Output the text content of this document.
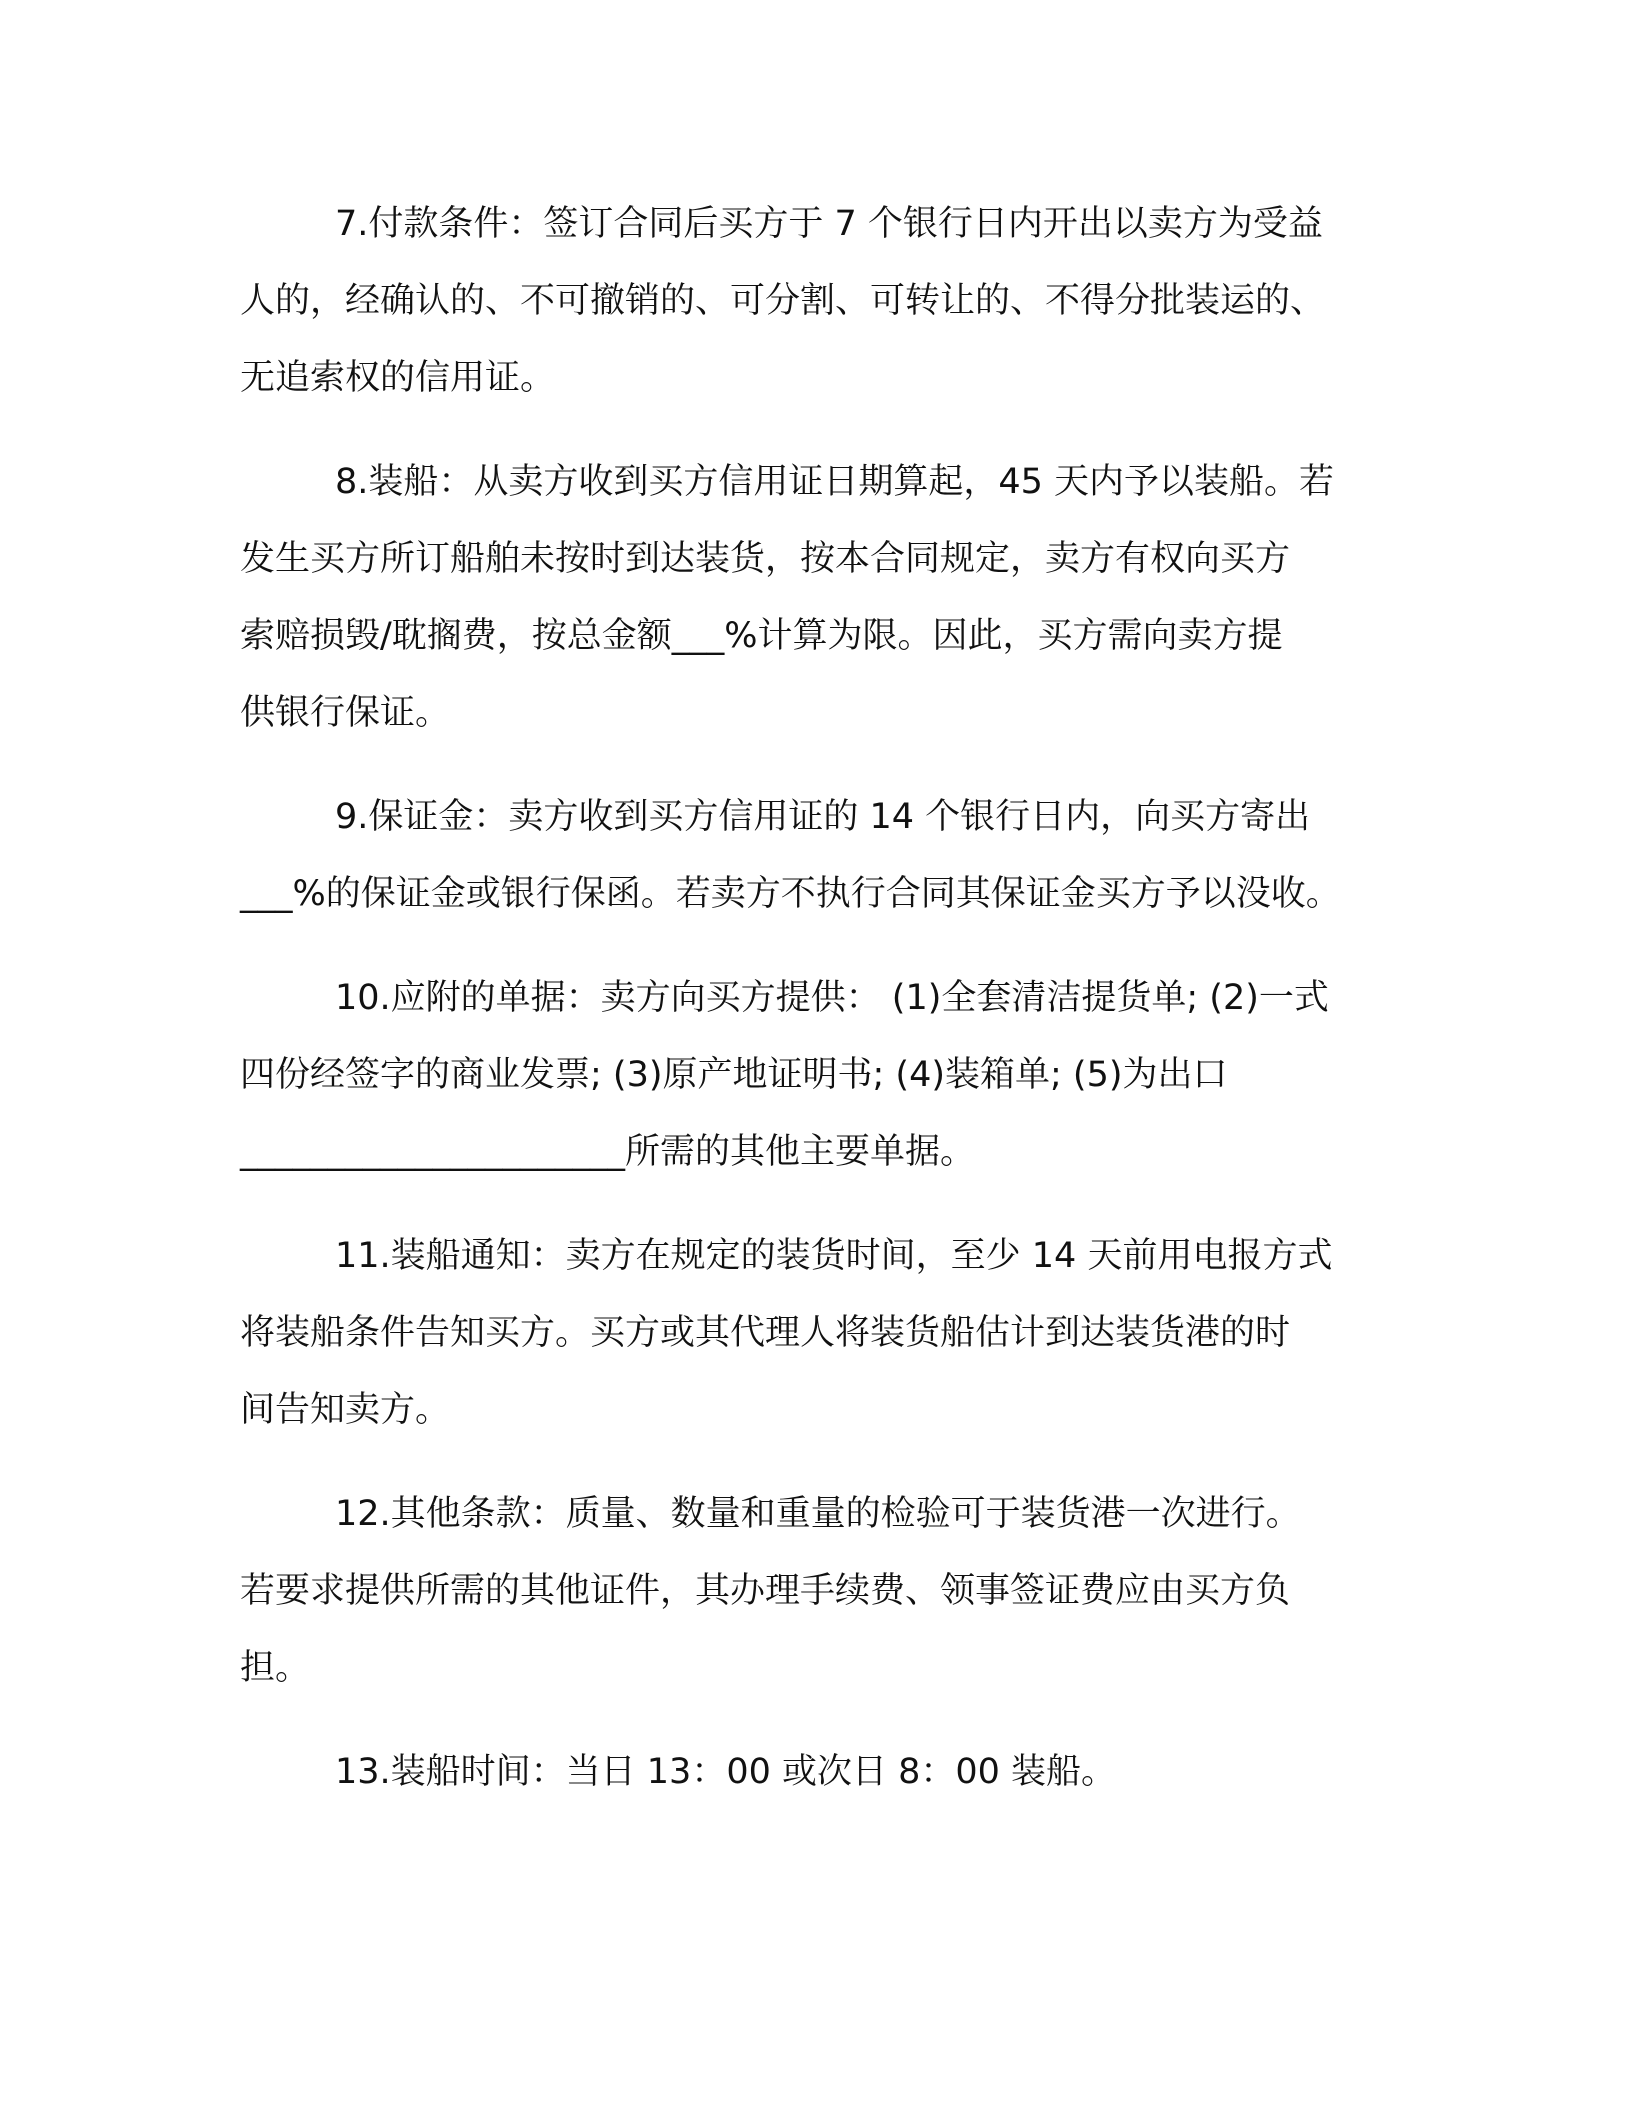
7.付款条件：签订合同后买方于 7 个银行日内开出以卖方为受益
人的，经确认的、不可撤销的、可分割、可转让的、不得分批装运的、
无追索权的信用证。
8.装船：从卖方收到买方信用证日期算起，45 天内予以装船。若
发生买方所订船舶未按时到达装货，按本合同规定，卖方有权向买方
索赔损毁/耽搁费，按总金额___%计算为限。因此，买方需向卖方提
供银行保证。
9.保证金：卖方收到买方信用证的 14 个银行日内，向买方寄出
___%的保证金或银行保函。若卖方不执行合同其保证金买方予以没收。
10.应附的单据：卖方向买方提供： (1)全套清洁提货单; (2)一式
四份经签字的商业发票; (3)原产地证明书; (4)装箱单; (5)为出口
______________________所需的其他主要单据。
11.装船通知：卖方在规定的装货时间，至少 14 天前用电报方式
将装船条件告知买方。买方或其代理人将装货船估计到达装货港的时
间告知卖方。
12.其他条款：质量、数量和重量的检验可于装货港一次进行。
若要求提供所需的其他证件，其办理手续费、领事签证费应由买方负
担。
13.装船时间：当日 13：00 或次日 8：00 装船。
